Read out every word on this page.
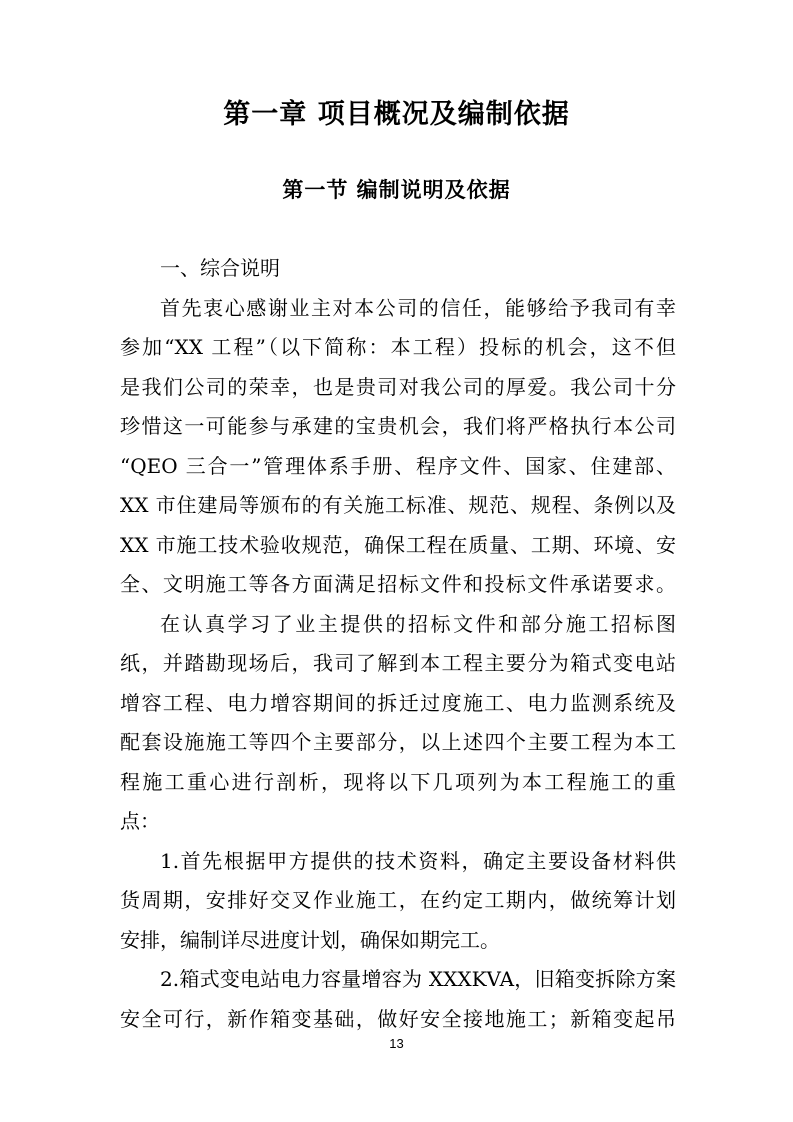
第一章 项目概况及编制依据
第一节 编制说明及依据
一、综合说明
首先衷心感谢业主对本公司的信任，能够给予我司有幸
参加“XX 工程”（以下简称：本工程）投标的机会，这不但
是我们公司的荣幸，也是贵司对我公司的厚爱。我公司十分
珍惜这一可能参与承建的宝贵机会，我们将严格执行本公司
“QEO 三合一”管理体系手册、程序文件、国家、住建部、
XX 市住建局等颁布的有关施工标准、规范、规程、条例以及
XX 市施工技术验收规范，确保工程在质量、工期、环境、安
全、文明施工等各方面满足招标文件和投标文件承诺要求。
在认真学习了业主提供的招标文件和部分施工招标图
纸，并踏勘现场后，我司了解到本工程主要分为箱式变电站
增容工程、电力增容期间的拆迁过度施工、电力监测系统及
配套设施施工等四个主要部分，以上述四个主要工程为本工
程施工重心进行剖析，现将以下几项列为本工程施工的重
点：
1.首先根据甲方提供的技术资料，确定主要设备材料供
货周期，安排好交叉作业施工，在约定工期内，做统筹计划
安排，编制详尽进度计划，确保如期完工。
2.箱式变电站电力容量增容为 XXXKVA，旧箱变拆除方案
安全可行，新作箱变基础，做好安全接地施工；新箱变起吊
13
